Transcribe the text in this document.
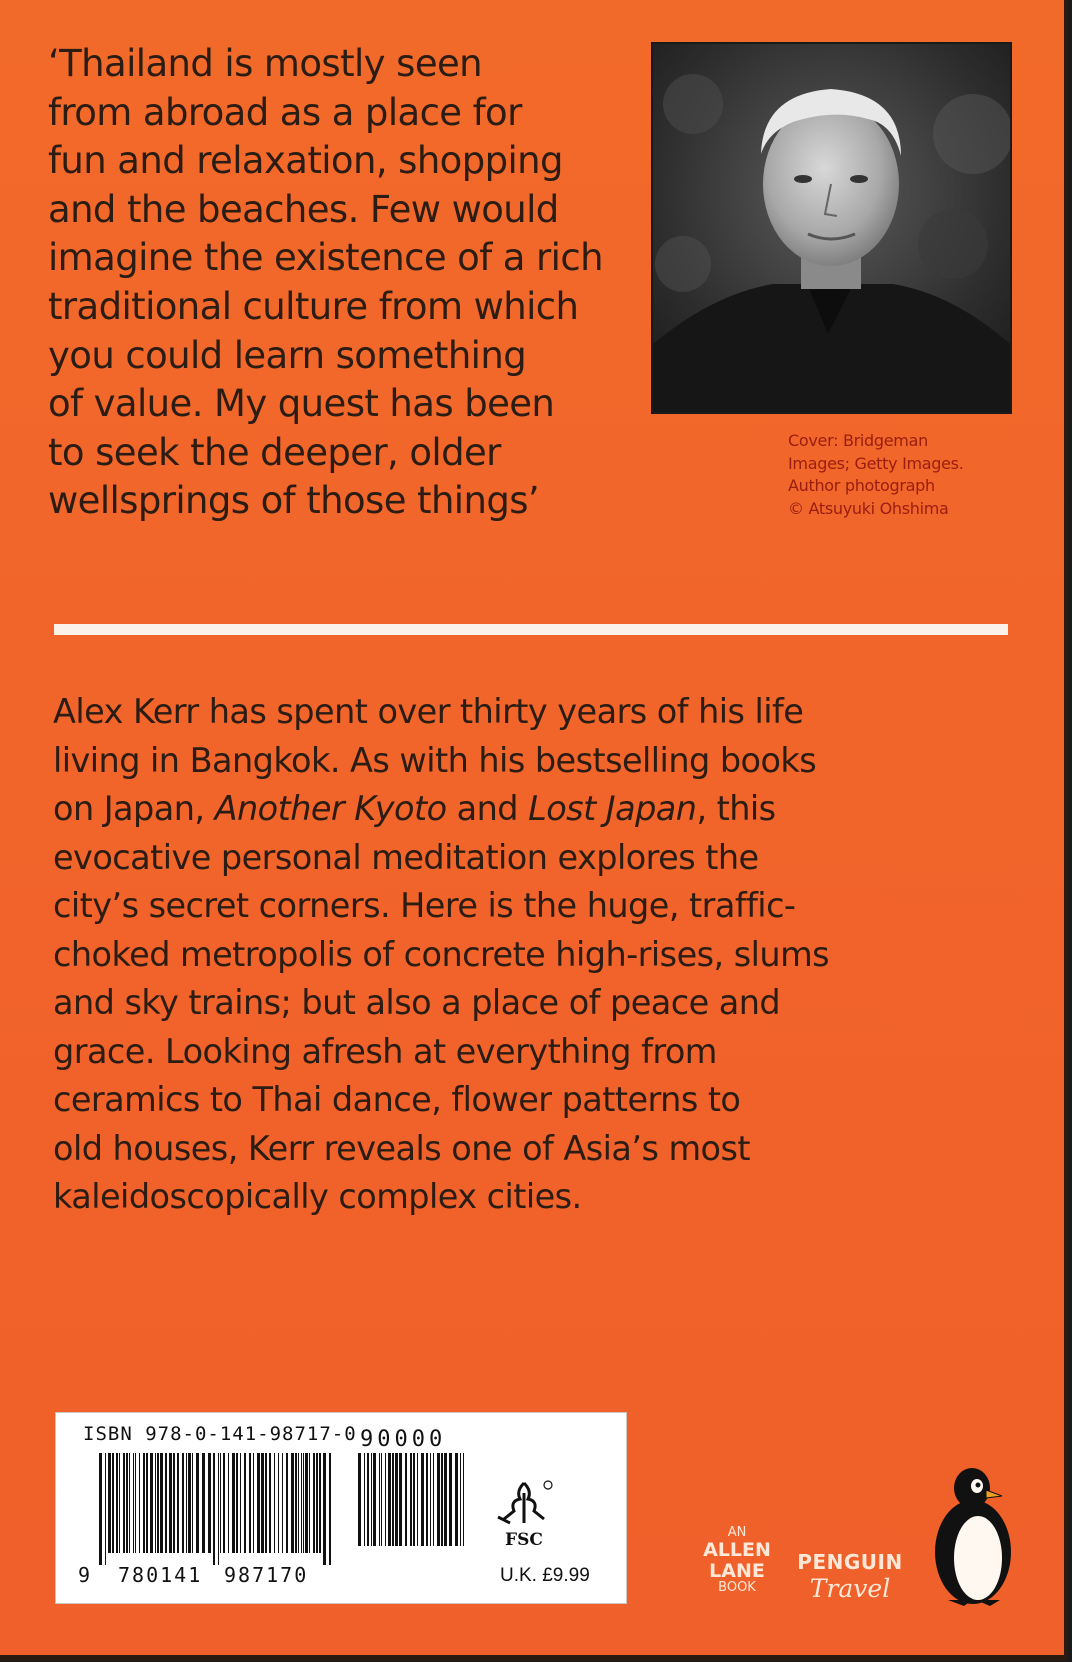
‘Thailand is mostly seen
from abroad as a place for
fun and relaxation, shopping
and the beaches. Few would
imagine the existence of a rich
traditional culture from which
you could learn something
of value. My quest has been
to seek the deeper, older
wellsprings of those things’
Cover: Bridgeman
Images; Getty Images.
Author photograph
© Atsuyuki Ohshima
Alex Kerr has spent over thirty years of his life
living in Bangkok. As with his bestselling books
on Japan, Another Kyoto and Lost Japan, this
evocative personal meditation explores the
city’s secret corners. Here is the huge, traffic-
choked metropolis of concrete high-rises, slums
and sky trains; but also a place of peace and
grace. Looking afresh at everything from
ceramics to Thai dance, flower patterns to
old houses, Kerr reveals one of Asia’s most
kaleidoscopically complex cities.
ISBN 978-0-141-98717-0
9 780141 987170
90000
FSC
U.K. £9.99
AN
ALLEN
LANE
BOOK
PENGUIN
Travel
